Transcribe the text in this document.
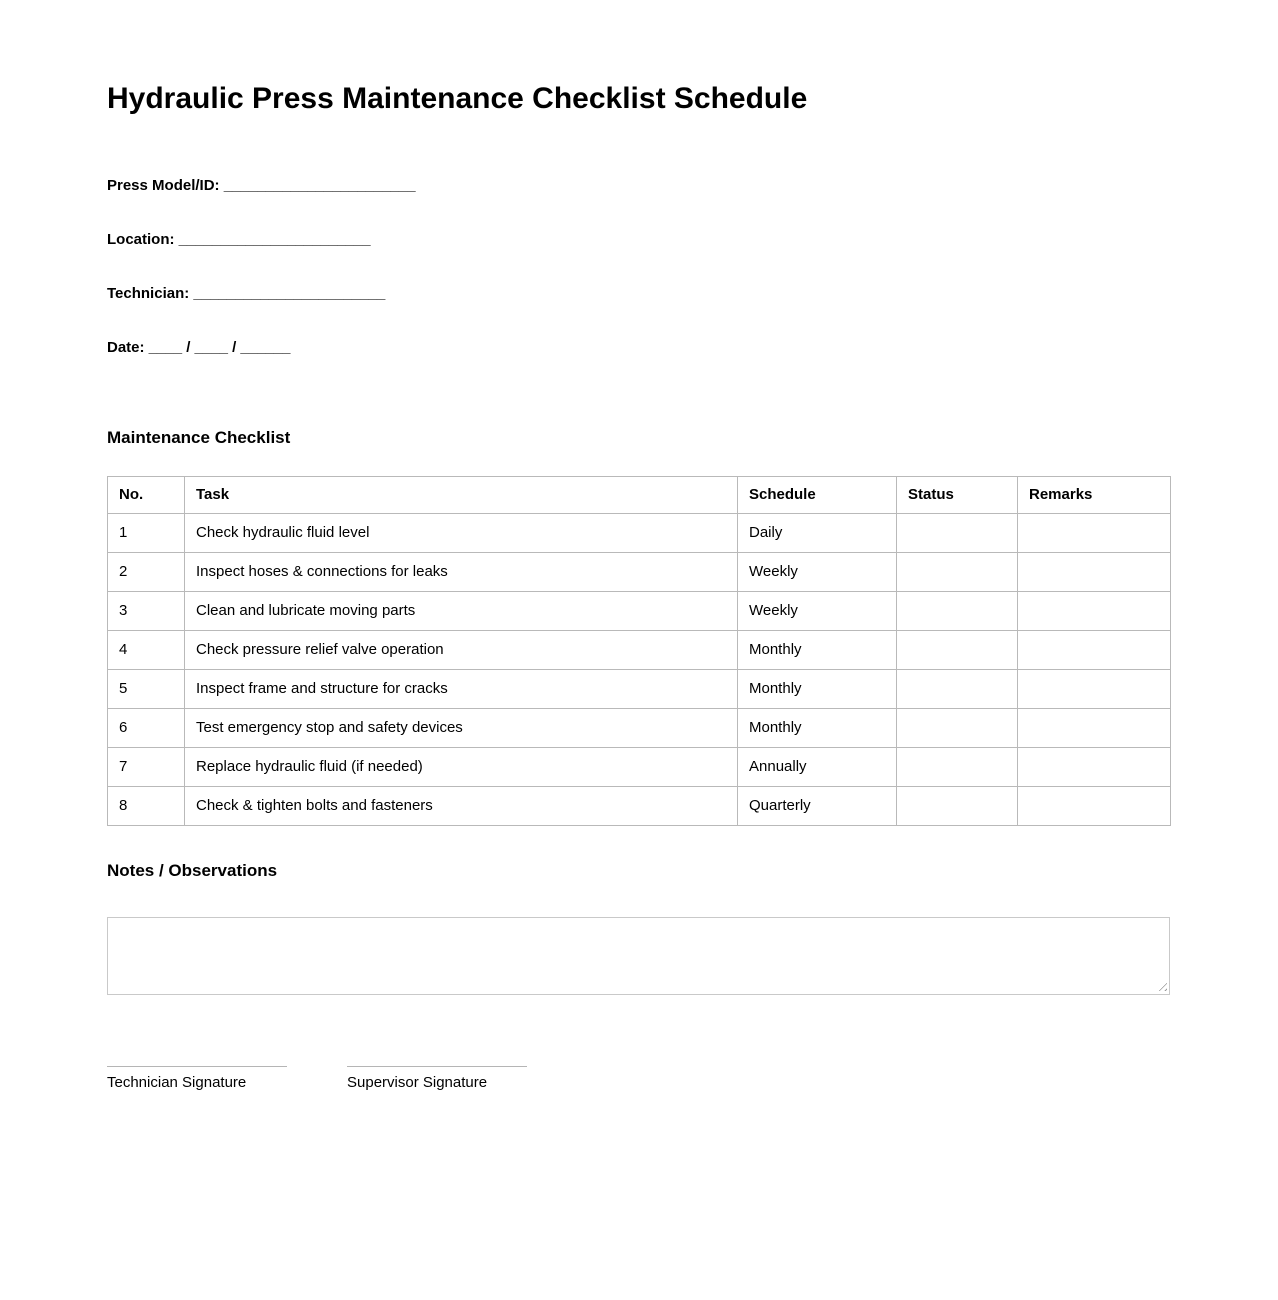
Hydraulic Press Maintenance Checklist Schedule

Press Model/ID: _______________________

Location: _______________________

Technician: _______________________

Date: ____ / ____ / ______

Maintenance Checklist
No.	Task	Schedule	Status	Remarks
1	Check hydraulic fluid level	Daily		
2	Inspect hoses & connections for leaks	Weekly		
3	Clean and lubricate moving parts	Weekly		
4	Check pressure relief valve operation	Monthly		
5	Inspect frame and structure for cracks	Monthly		
6	Test emergency stop and safety devices	Monthly		
7	Replace hydraulic fluid (if needed)	Annually		
8	Check & tighten bolts and fasteners	Quarterly		
Notes / Observations
Technician Signature	Supervisor Signature
